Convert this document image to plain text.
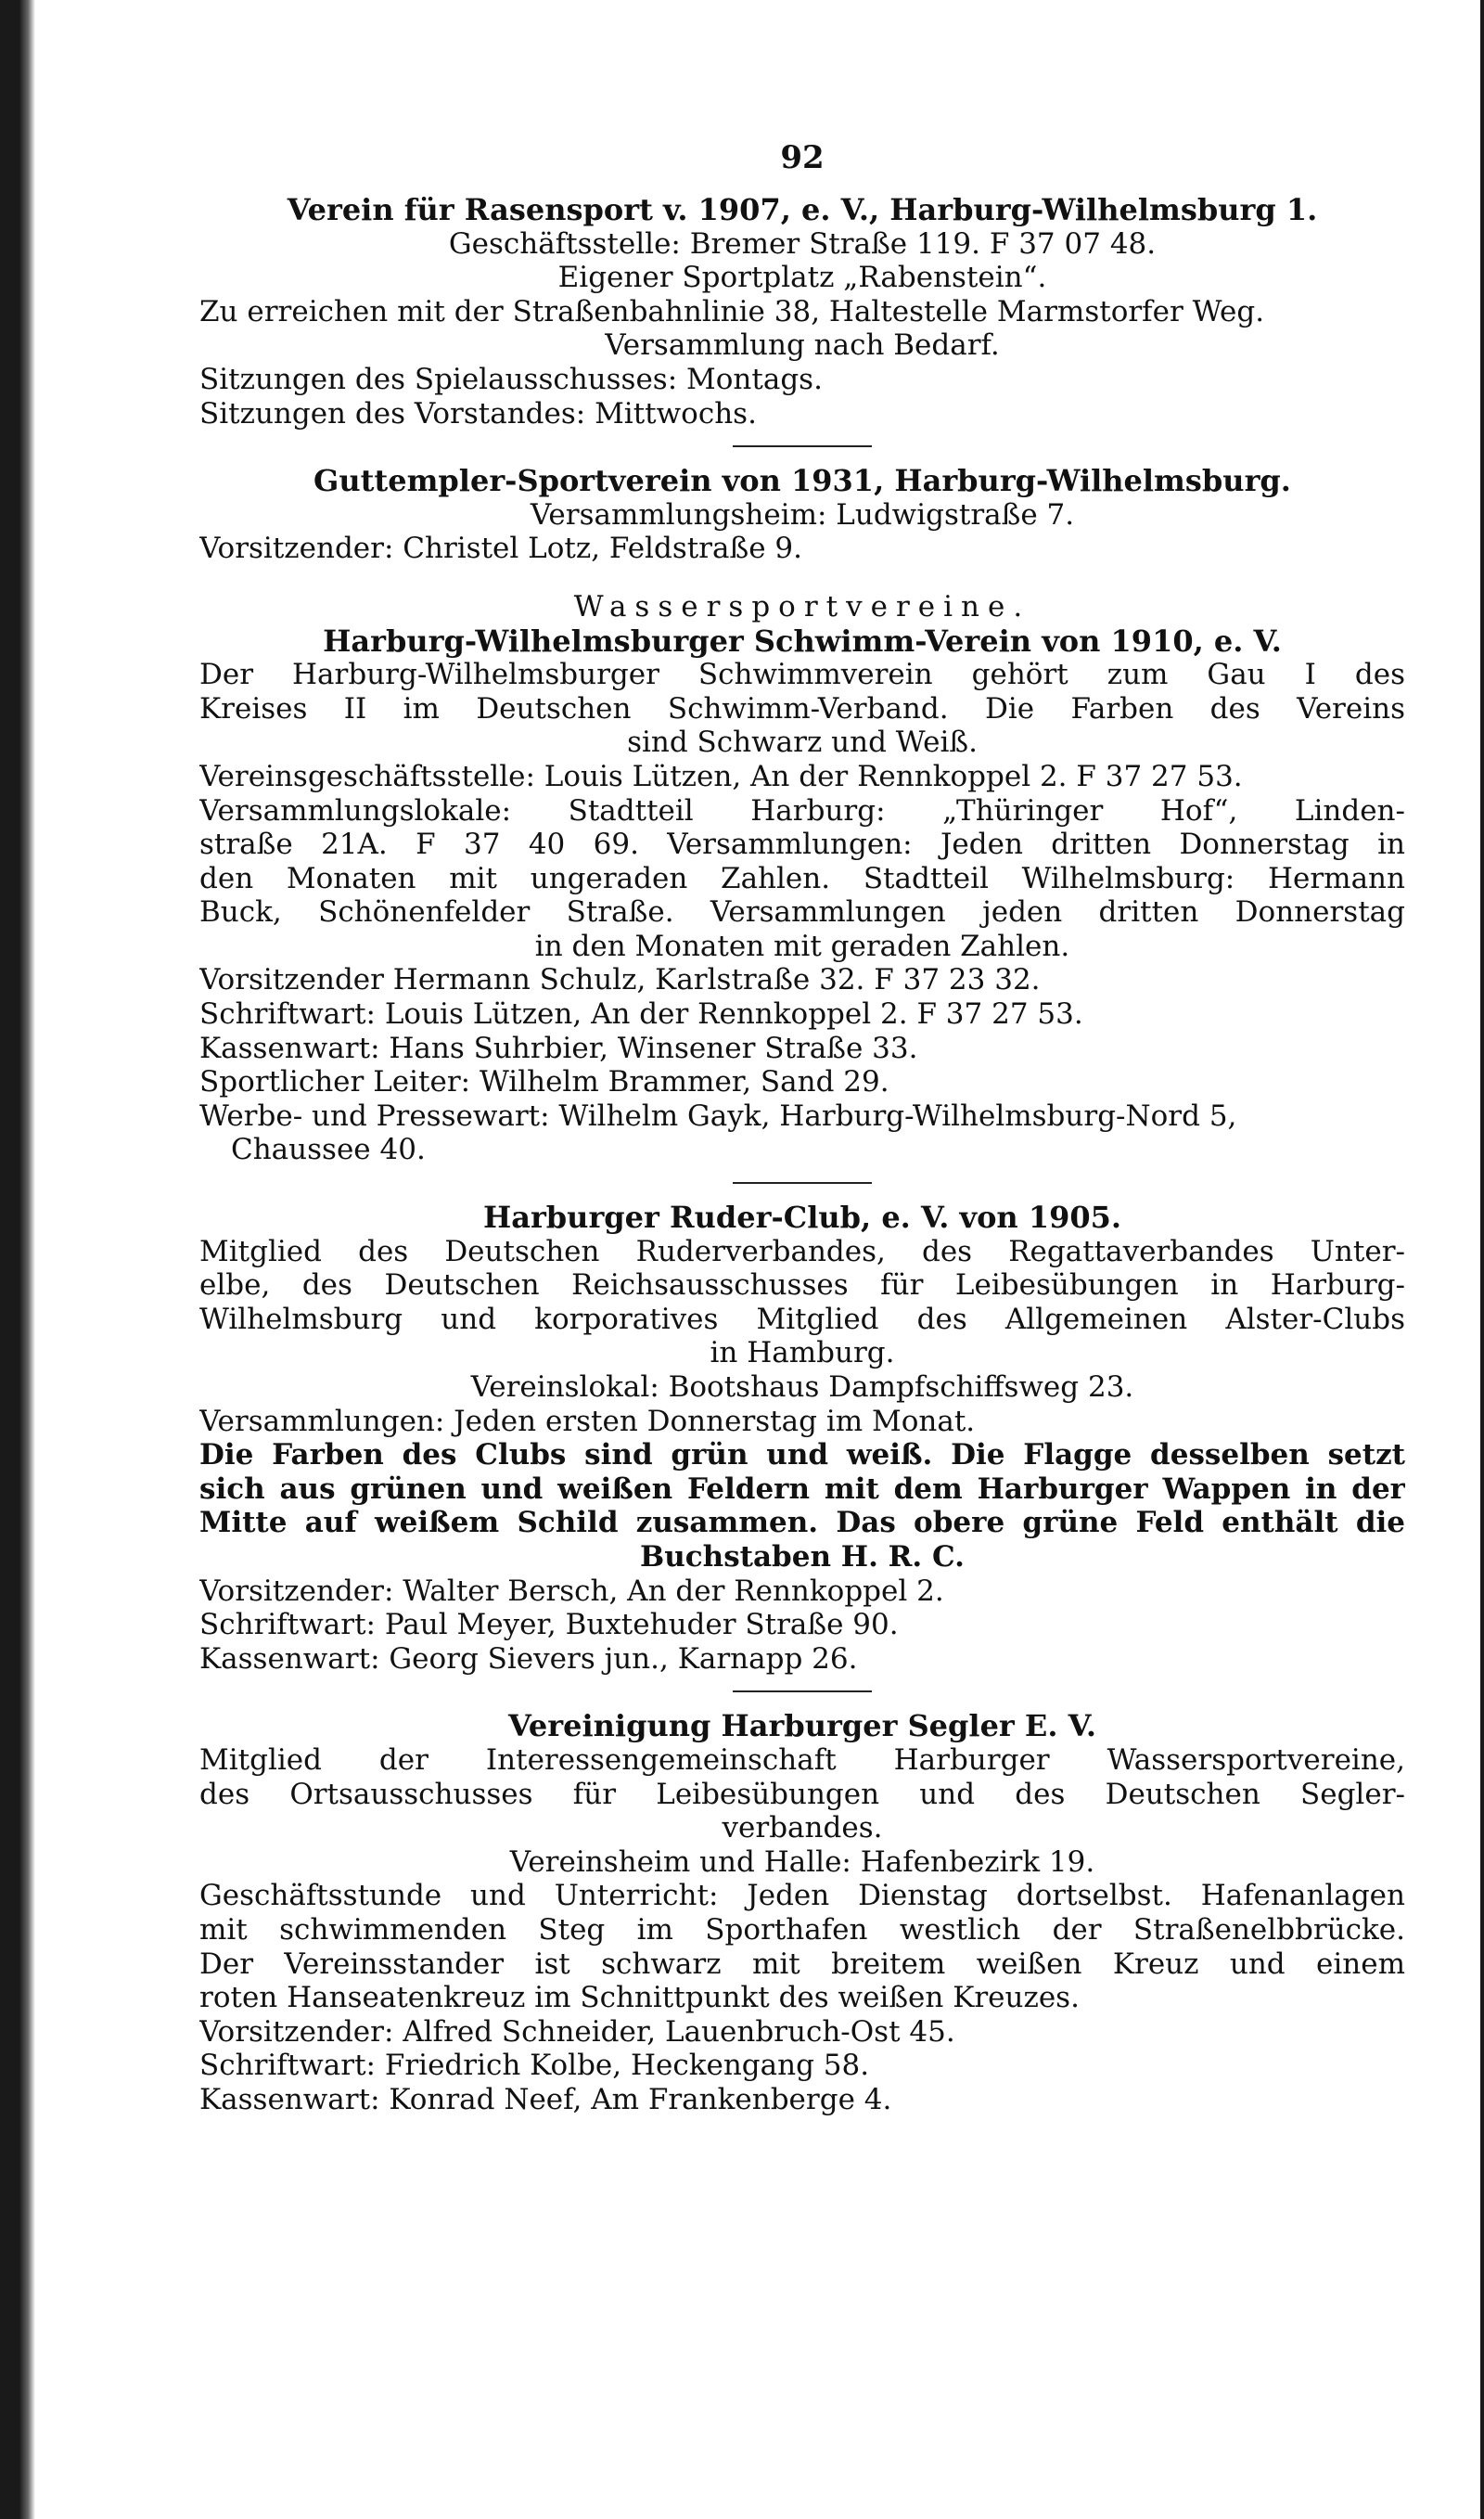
92
Verein für Rasensport v. 1907, e. V., Harburg-Wilhelmsburg 1.
Geschäftsstelle: Bremer Straße 119. F 37 07 48.
Eigener Sportplatz „Rabenstein“.
Zu erreichen mit der Straßenbahnlinie 38, Haltestelle Marmstorfer Weg.
Versammlung nach Bedarf.
Sitzungen des Spielausschusses: Montags.
Sitzungen des Vorstandes: Mittwochs.
Guttempler-Sportverein von 1931, Harburg-Wilhelmsburg.
Versammlungsheim: Ludwigstraße 7.
Vorsitzender: Christel Lotz, Feldstraße 9.
Wassersportvereine.
Harburg-Wilhelmsburger Schwimm-Verein von 1910, e. V.
Der Harburg-Wilhelmsburger Schwimmverein gehört zum Gau I des
Kreises II im Deutschen Schwimm-Verband. Die Farben des Vereins
sind Schwarz und Weiß.
Vereinsgeschäftsstelle: Louis Lützen, An der Rennkoppel 2. F 37 27 53.
Versammlungslokale: Stadtteil Harburg: „Thüringer Hof“, Linden-
straße 21A. F 37 40 69. Versammlungen: Jeden dritten Donnerstag in
den Monaten mit ungeraden Zahlen. Stadtteil Wilhelmsburg: Hermann
Buck, Schönenfelder Straße. Versammlungen jeden dritten Donnerstag
in den Monaten mit geraden Zahlen.
Vorsitzender Hermann Schulz, Karlstraße 32. F 37 23 32.
Schriftwart: Louis Lützen, An der Rennkoppel 2. F 37 27 53.
Kassenwart: Hans Suhrbier, Winsener Straße 33.
Sportlicher Leiter: Wilhelm Brammer, Sand 29.
Werbe- und Pressewart: Wilhelm Gayk, Harburg-Wilhelmsburg-Nord 5,
Chaussee 40.
Harburger Ruder-Club, e. V. von 1905.
Mitglied des Deutschen Ruderverbandes, des Regattaverbandes Unter-
elbe, des Deutschen Reichsausschusses für Leibesübungen in Harburg-
Wilhelmsburg und korporatives Mitglied des Allgemeinen Alster-Clubs
in Hamburg.
Vereinslokal: Bootshaus Dampfschiffsweg 23.
Versammlungen: Jeden ersten Donnerstag im Monat.
Die Farben des Clubs sind grün und weiß. Die Flagge desselben setzt
sich aus grünen und weißen Feldern mit dem Harburger Wappen in der
Mitte auf weißem Schild zusammen. Das obere grüne Feld enthält die
Buchstaben H. R. C.
Vorsitzender: Walter Bersch, An der Rennkoppel 2.
Schriftwart: Paul Meyer, Buxtehuder Straße 90.
Kassenwart: Georg Sievers jun., Karnapp 26.
Vereinigung Harburger Segler E. V.
Mitglied der Interessengemeinschaft Harburger Wassersportvereine,
des Ortsausschusses für Leibesübungen und des Deutschen Segler-
verbandes.
Vereinsheim und Halle: Hafenbezirk 19.
Geschäftsstunde und Unterricht: Jeden Dienstag dortselbst. Hafenanlagen
mit schwimmenden Steg im Sporthafen westlich der Straßenelbbrücke.
Der Vereinsstander ist schwarz mit breitem weißen Kreuz und einem
roten Hanseatenkreuz im Schnittpunkt des weißen Kreuzes.
Vorsitzender: Alfred Schneider, Lauenbruch-Ost 45.
Schriftwart: Friedrich Kolbe, Heckengang 58.
Kassenwart: Konrad Neef, Am Frankenberge 4.
